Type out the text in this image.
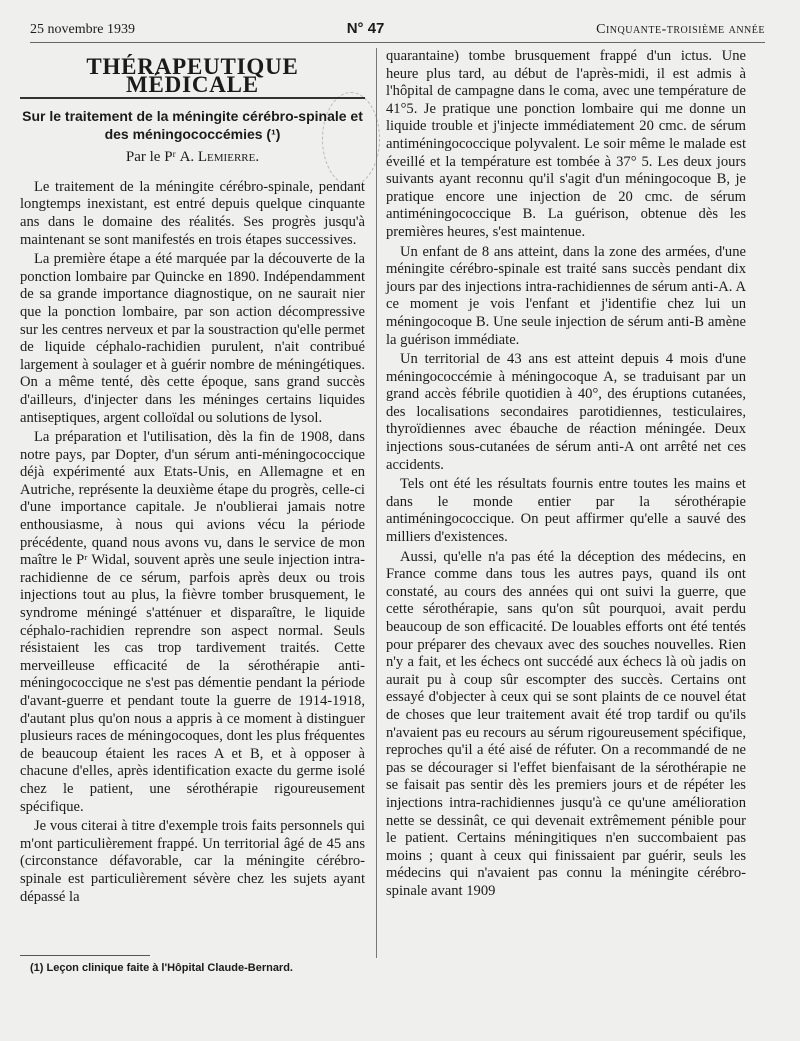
25 novembre 1939	N° 47	Cinquante-troisième année
THÉRAPEUTIQUE MÉDICALE
Sur le traitement de la méningite cérébro-spinale et des méningococcémies (¹)
Par le Pʳ A. Lemierre.

Le traitement de la méningite cérébro-spinale, pendant longtemps inexistant, est entré depuis quelque cinquante ans dans le domaine des réalités. Ses progrès jusqu'à maintenant se sont manifestés en trois étapes successives.

La première étape a été marquée par la découverte de la ponction lombaire par Quincke en 1890. Indépendamment de sa grande importance diagnostique, on ne saurait nier que la ponction lombaire, par son action décompressive sur les centres nerveux et par la soustraction qu'elle permet de liquide céphalo-rachidien purulent, n'ait contribué largement à soulager et à guérir nombre de méningétiques. On a même tenté, dès cette époque, sans grand succès d'ailleurs, d'injecter dans les méninges certains liquides antiseptiques, argent colloïdal ou solutions de lysol.

La préparation et l'utilisation, dès la fin de 1908, dans notre pays, par Dopter, d'un sérum anti-méningococcique déjà expérimenté aux Etats-Unis, en Allemagne et en Autriche, représente la deuxième étape du progrès, celle-ci d'une importance capitale. Je n'oublierai jamais notre enthousiasme, à nous qui avions vécu la période précédente, quand nous avons vu, dans le service de mon maître le Pʳ Widal, souvent après une seule injection intra-rachidienne de ce sérum, parfois après deux ou trois injections tout au plus, la fièvre tomber brusquement, le syndrome méningé s'atténuer et disparaître, le liquide céphalo-rachidien reprendre son aspect normal. Seuls résistaient les cas trop tardivement traités. Cette merveilleuse efficacité de la sérothérapie anti-méningococcique ne s'est pas démentie pendant la période d'avant-guerre et pendant toute la guerre de 1914-1918, d'autant plus qu'on nous a appris à ce moment à distinguer plusieurs races de méningocoques, dont les plus fréquentes de beaucoup étaient les races A et B, et à opposer à chacune d'elles, après identification exacte du germe isolé chez le patient, une sérothérapie rigoureusement spécifique.

Je vous citerai à titre d'exemple trois faits personnels qui m'ont particulièrement frappé. Un territorial âgé de 45 ans (circonstance défavorable, car la méningite cérébro-spinale est particulièrement sévère chez les sujets ayant dépassé la

quarantaine) tombe brusquement frappé d'un ictus. Une heure plus tard, au début de l'après-midi, il est admis à l'hôpital de campagne dans le coma, avec une température de 41°5. Je pratique une ponction lombaire qui me donne un liquide trouble et j'injecte immédiatement 20 cmc. de sérum antiméningococcique polyvalent. Le soir même le malade est éveillé et la température est tombée à 37° 5. Les deux jours suivants ayant reconnu qu'il s'agit d'un méningocoque B, je pratique encore une injection de 20 cmc. de sérum antiméningococcique B. La guérison, obtenue dès les premières heures, s'est maintenue.

Un enfant de 8 ans atteint, dans la zone des armées, d'une méningite cérébro-spinale est traité sans succès pendant dix jours par des injections intra-rachidiennes de sérum anti-A. A ce moment je vois l'enfant et j'identifie chez lui un méningocoque B. Une seule injection de sérum anti-B amène la guérison immédiate.

Un territorial de 43 ans est atteint depuis 4 mois d'une méningococcémie à méningocoque A, se traduisant par un grand accès fébrile quotidien à 40°, des éruptions cutanées, des localisations secondaires parotidiennes, testiculaires, thyroïdiennes avec ébauche de réaction méningée. Deux injections sous-cutanées de sérum anti-A ont arrêté net ces accidents.

Tels ont été les résultats fournis entre toutes les mains et dans le monde entier par la sérothérapie antiméningococcique. On peut affirmer qu'elle a sauvé des milliers d'existences.

Aussi, qu'elle n'a pas été la déception des médecins, en France comme dans tous les autres pays, quand ils ont constaté, au cours des années qui ont suivi la guerre, que cette sérothérapie, sans qu'on sût pourquoi, avait perdu beaucoup de son efficacité. De louables efforts ont été tentés pour préparer des chevaux avec des souches nouvelles. Rien n'y a fait, et les échecs ont succédé aux échecs là où jadis on aurait pu à coup sûr escompter des succès. Certains ont essayé d'objecter à ceux qui se sont plaints de ce nouvel état de choses que leur traitement avait été trop tardif ou qu'ils n'avaient pas eu recours au sérum rigoureusement spécifique, reproches qu'il a été aisé de réfuter. On a recommandé de ne pas se décourager si l'effet bienfaisant de la sérothérapie ne se faisait pas sentir dès les premiers jours et de répéter les injections intra-rachidiennes jusqu'à ce qu'une amélioration nette se dessinât, ce qui devenait extrêmement pénible pour le patient. Certains méningitiques n'en succombaient pas moins ; quant à ceux qui finissaient par guérir, seuls les médecins qui n'avaient pas connu la méningite cérébro-spinale avant 1909

(1) Leçon clinique faite à l'Hôpital Claude-Bernard.
